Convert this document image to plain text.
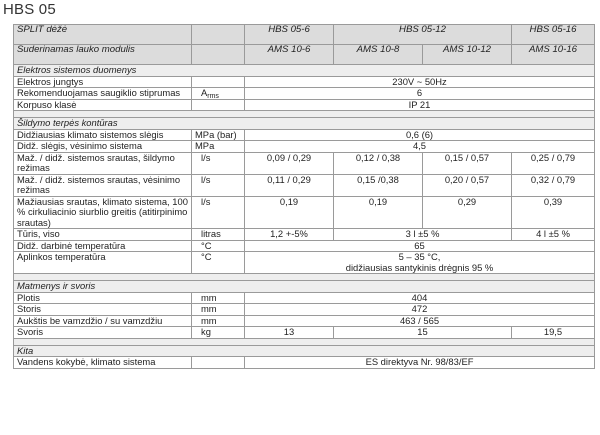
HBS 05
SPLIT dėžė		HBS 05-6	HBS 05-12		HBS 05-16
Suderinamas lauko modulis		AMS 10-6	AMS 10-8	AMS 10-12	AMS 10-16
Elektros sistemos duomenys					
Elektros jungtys		230V ~ 50Hz			
Rekomenduojamas saugiklio stiprumas	$A_{rms}$	6			
Korpuso klasė		IP 21			

Šildymo terpės kontūras					
Didžiausias klimato sistemos slėgis	MPa (bar)	0,6 (6)			
Didž. slėgis, vėsinimo sistema	MPa	4,5			
Maž. / didž. sistemos srautas, šildymo režimas	l/s	0,09 / 0,29	0,12 / 0,38	0,15 / 0,57	0,25 / 0,79
Maž. / didž. sistemos srautas, vėsinimo režimas	l/s	0,11 / 0,29	0,15 /0,38	0,20 / 0,57	0,32 / 0,79
Mažiausias srautas, klimato sistema, 100 % cirkuliacinio siurblio greitis (atitirpinimo srautas)	l/s	0,19	0,19	0,29	0,39
Tūris, viso	litras	1,2 +-5%	3 l ±5 %		4 l ±5 %
Didž. darbinė temperatūra	°C	65			
Aplinkos temperatūra	°C	5 – 35 °C,
didžiausias santykinis drėgnis 95 %			

Matmenys ir svoris					
Plotis	mm	404			
Storis	mm	472			
Aukštis be vamzdžio / su vamzdžiu	mm	463 / 565			
Svoris	kg	13	15		19,5

Kita					
Vandens kokybė, klimato sistema		ES direktyva Nr. 98/83/EF			
